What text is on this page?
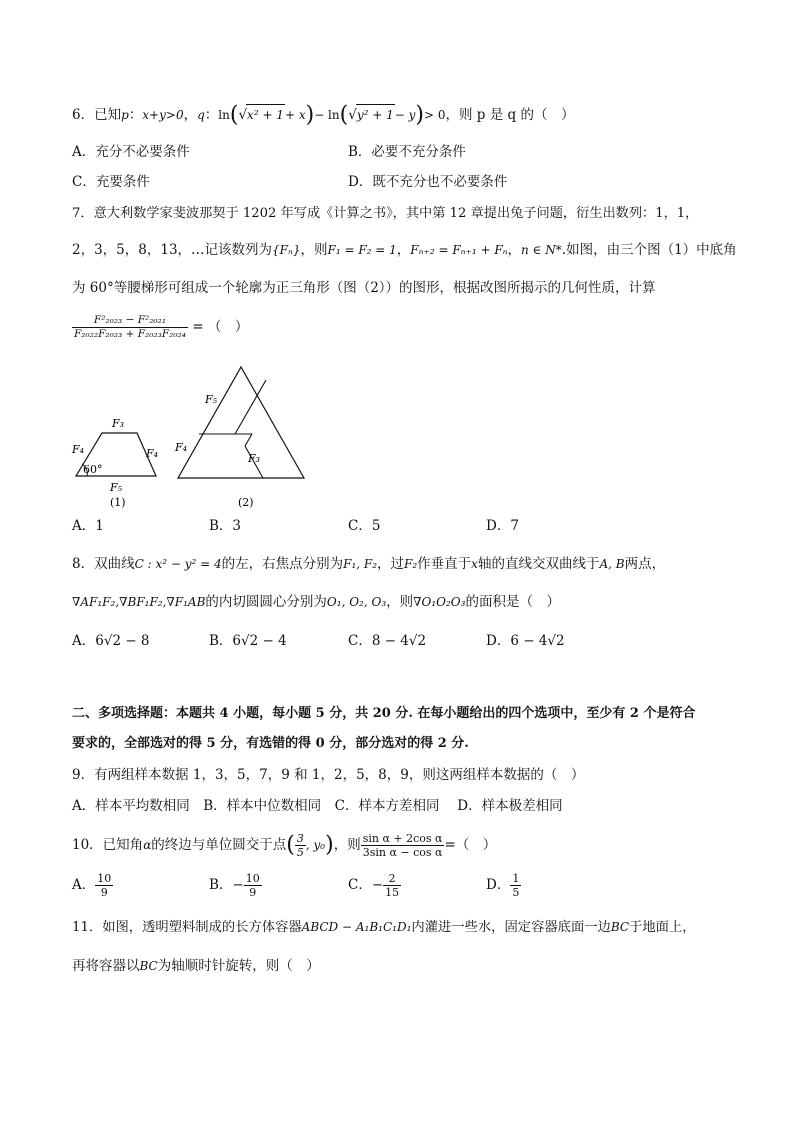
6．已知p：x+y>0，q：ln(√x² + 1+ x)− ln(√y² + 1− y)> 0，则 p 是 q 的（　）
A．充分不必要条件	B．必要不充分条件
C．充要条件	D．既不充分也不必要条件
7．意大利数学家斐波那契于 1202 年写成《计算之书》，其中第 12 章提出兔子问题，衍生出数列：1，1，
2，3，5，8，13，…记该数列为{Fₙ}，则F₁ = F₂ = 1，Fₙ₊₂ = Fₙ₊₁ + Fₙ，n ∈ N*.如图，由三个图（1）中底角
为 60°等腰梯形可组成一个轮廓为正三角形（图（2））的图形，根据改图所揭示的几何性质，计算
$\frac{\text{F²₂₀₂₃ − F²₂₀₂₁}}{\text{F₂₀₂₂F₂₀₂₃ + F₂₀₂₃F₂₀₂₄}}$ = （　）
F₃
F₄	F₄
F₅
60°
(1)
F₅
F₄
F₃
(2)
A．1	B．3	C．5	D．7
8．双曲线C : x² − y² = 4的左，右焦点分别为F₁, F₂，过F₂作垂直于x轴的直线交双曲线于A, B两点，
∇AF₁F₂,∇BF₁F₂,∇F₁AB的内切圆圆心分别为O₁, O₂, O₃，则∇O₁O₂O₃的面积是（　）
A．6√2 − 8	B．6√2 − 4	C．8 − 4√2	D．6 − 4√2
二、多项选择题：本题共 4 小题，每小题 5 分，共 20 分. 在每小题给出的四个选项中，至少有 2 个是符合
要求的，全部选对的得 5 分，有选错的得 0 分，部分选对的得 2 分.
9．有两组样本数据 1，3，5，7，9 和 1，2，5，8，9，则这两组样本数据的（　）
A．样本平均数相同　B．样本中位数相同　C．样本方差相同　 D．样本极差相同
10．已知角α的终边与单位圆交于点( $\frac{3}{5}$ , y₀)，则 $\frac{\text{sin α + 2cos α}}{\text{3sin α − cos α}}$ =（　）
A． $\frac{10}{9}$	B．− $\frac{10}{9}$	C．− $\frac{2}{15}$	D． $\frac{1}{5}$
11．如图，透明塑料制成的长方体容器ABCD − A₁B₁C₁D₁内灌进一些水，固定容器底面一边BC于地面上，
再将容器以BC为轴顺时针旋转，则（　）
